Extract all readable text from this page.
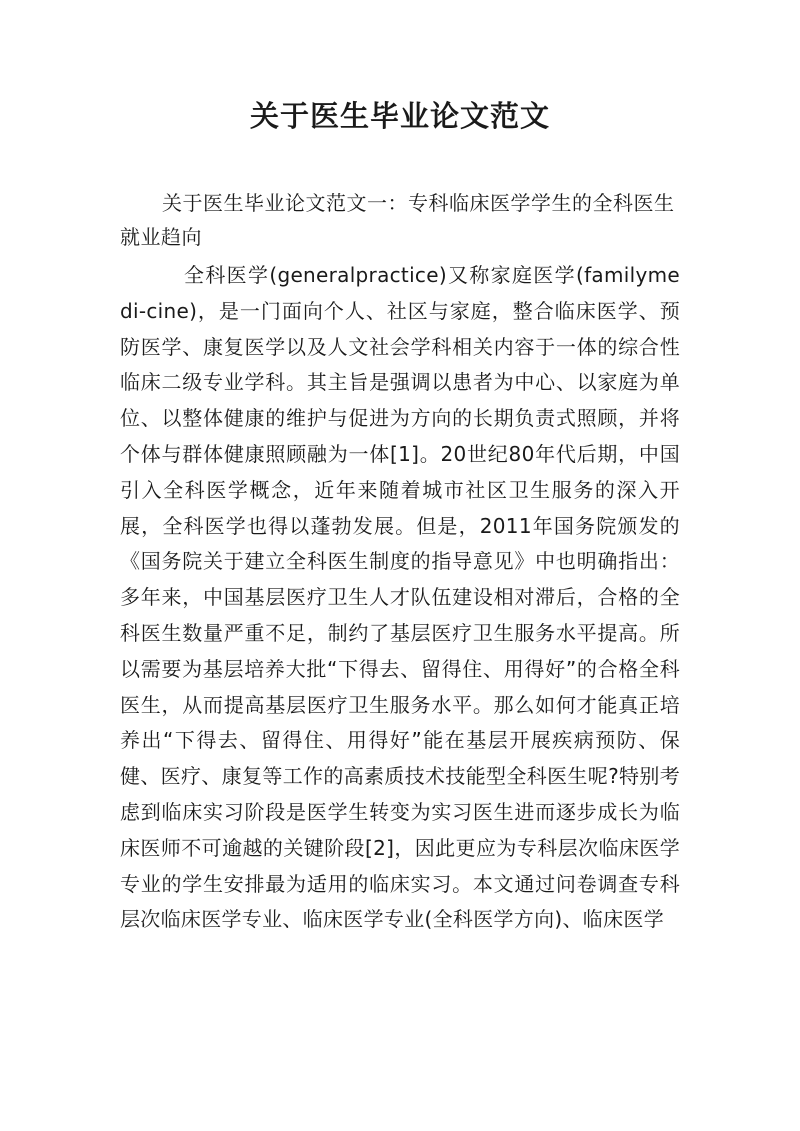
关于医生毕业论文范文

关于医生毕业论文范文一：专科临床医学学生的全科医生就业趋向

全科医学(generalpractice)又称家庭医学(familymedi-cine)，是一门面向个人、社区与家庭，整合临床医学、预防医学、康复医学以及人文社会学科相关内容于一体的综合性临床二级专业学科。其主旨是强调以患者为中心、以家庭为单位、以整体健康的维护与促进为方向的长期负责式照顾，并将个体与群体健康照顾融为一体[1]。20世纪80年代后期，中国引入全科医学概念，近年来随着城市社区卫生服务的深入开展，全科医学也得以蓬勃发展。但是，2011年国务院颁发的《国务院关于建立全科医生制度的指导意见》中也明确指出：多年来，中国基层医疗卫生人才队伍建设相对滞后，合格的全科医生数量严重不足，制约了基层医疗卫生服务水平提高。所以需要为基层培养大批“下得去、留得住、用得好”的合格全科医生，从而提高基层医疗卫生服务水平。那么如何才能真正培养出“下得去、留得住、用得好”能在基层开展疾病预防、保健、医疗、康复等工作的高素质技术技能型全科医生呢?特别考虑到临床实习阶段是医学生转变为实习医生进而逐步成长为临床医师不可逾越的关键阶段[2]，因此更应为专科层次临床医学专业的学生安排最为适用的临床实习。本文通过问卷调查专科层次临床医学专业、临床医学专业(全科医学方向)、临床医学
